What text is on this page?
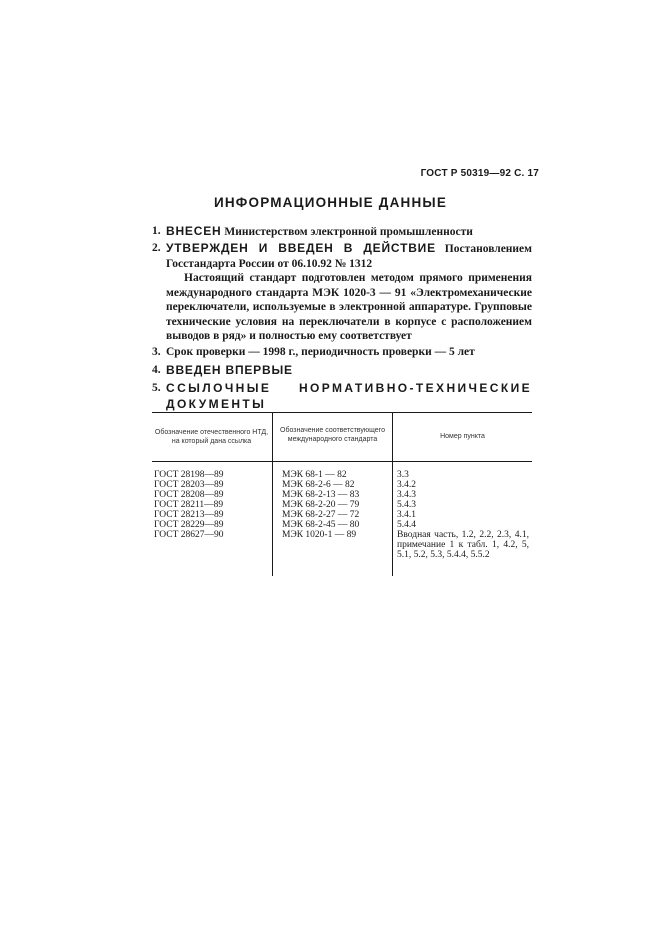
ГОСТ Р 50319—92 С. 17
ИНФОРМАЦИОННЫЕ ДАННЫЕ
1. ВНЕСЕН Министерством электронной промышленности
2. УТВЕРЖДЕН И ВВЕДЕН В ДЕЙСТВИЕ Постановлением Госстандарта России от 06.10.92 № 1312
Настоящий стандарт подготовлен методом прямого применения международного стандарта МЭК 1020-3 — 91 «Электромеханические переключатели, используемые в электронной аппаратуре. Групповые технические условия на переключатели в корпусе с расположением выводов в ряд» и полностью ему соответствует
3. Срок проверки — 1998 г., периодичность проверки — 5 лет
4. ВВЕДЕН ВПЕРВЫЕ
5. ССЫЛОЧНЫЕ НОРМАТИВНО-ТЕХНИЧЕСКИЕ ДОКУМЕНТЫ
Обозначение отечественного НТД, на который дана ссылка
Обозначение соответствующего международного стандарта	Номер пункта
ГОСТ 28198—89
ГОСТ 28203—89
ГОСТ 28208—89
ГОСТ 28211—89
ГОСТ 28213—89
ГОСТ 28229—89
ГОСТ 28627—90
МЭК 68-1 — 82
МЭК 68-2-6 — 82
МЭК 68-2-13 — 83
МЭК 68-2-20 — 79
МЭК 68-2-27 — 72
МЭК 68-2-45 — 80
МЭК 1020-1 — 89
3.3
3.4.2
3.4.3
5.4.3
3.4.1
5.4.4
Вводная часть, 1.2, 2.2, 2.3, 4.1, примечание 1 к табл. 1, 4.2, 5, 5.1, 5.2, 5.3, 5.4.4, 5.5.2
